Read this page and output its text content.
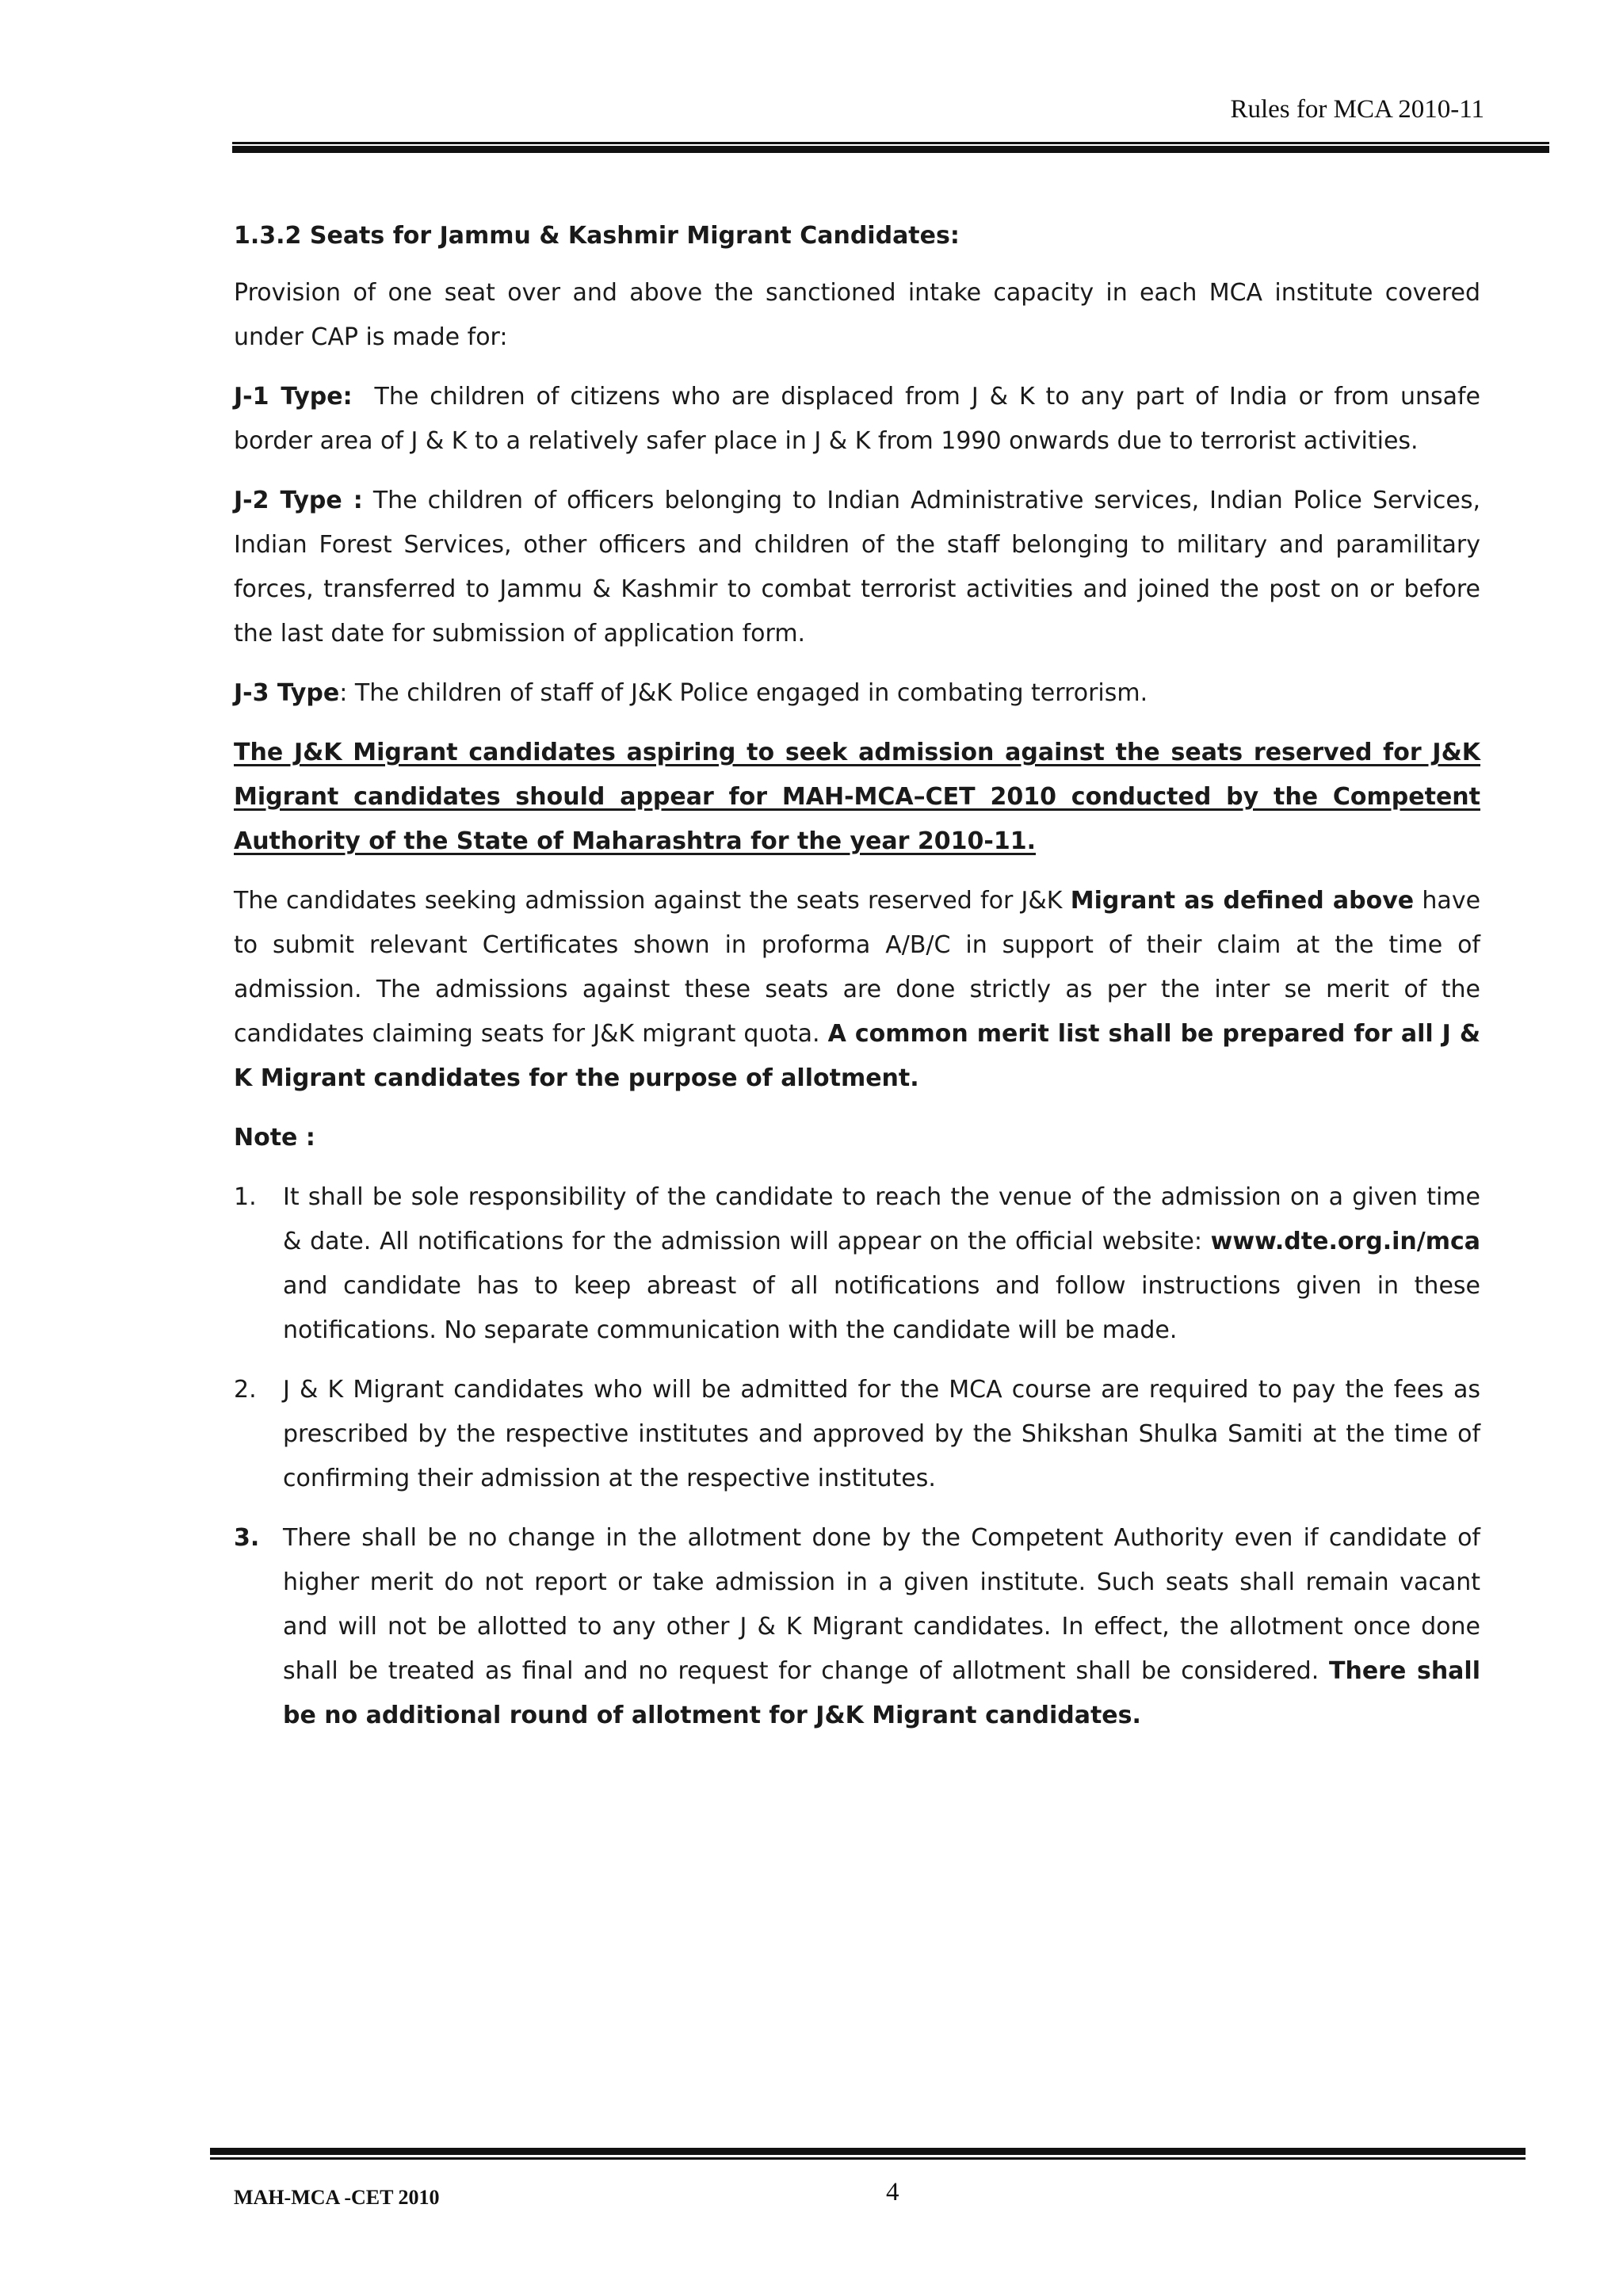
Rules for MCA 2010-11

1.3.2 Seats for Jammu & Kashmir Migrant Candidates:

Provision of one seat over and above the sanctioned intake capacity in each MCA institute covered under CAP is made for:

J-1 Type: The children of citizens who are displaced from J & K to any part of India or from unsafe border area of J & K to a relatively safer place in J & K from 1990 onwards due to terrorist activities.

J-2 Type : The children of officers belonging to Indian Administrative services, Indian Police Services, Indian Forest Services, other officers and children of the staff belonging to military and paramilitary forces, transferred to Jammu & Kashmir to combat terrorist activities and joined the post on or before the last date for submission of application form.

J-3 Type: The children of staff of J&K Police engaged in combating terrorism.

The J&K Migrant candidates aspiring to seek admission against the seats reserved for J&K Migrant candidates should appear for MAH-MCA–CET 2010 conducted by the Competent Authority of the State of Maharashtra for the year 2010-11.

The candidates seeking admission against the seats reserved for J&K Migrant as defined above have to submit relevant Certificates shown in proforma A/B/C in support of their claim at the time of admission. The admissions against these seats are done strictly as per the inter se merit of the candidates claiming seats for J&K migrant quota. A common merit list shall be prepared for all J & K Migrant candidates for the purpose of allotment.

Note :

1. It shall be sole responsibility of the candidate to reach the venue of the admission on a given time & date. All notifications for the admission will appear on the official website: www.dte.org.in/mca and candidate has to keep abreast of all notifications and follow instructions given in these notifications. No separate communication with the candidate will be made.
2. J & K Migrant candidates who will be admitted for the MCA course are required to pay the fees as prescribed by the respective institutes and approved by the Shikshan Shulka Samiti at the time of confirming their admission at the respective institutes.
3. There shall be no change in the allotment done by the Competent Authority even if candidate of higher merit do not report or take admission in a given institute. Such seats shall remain vacant and will not be allotted to any other J & K Migrant candidates. In effect, the allotment once done shall be treated as final and no request for change of allotment shall be considered. There shall be no additional round of allotment for J&K Migrant candidates.
MAH-MCA -CET 2010	4
